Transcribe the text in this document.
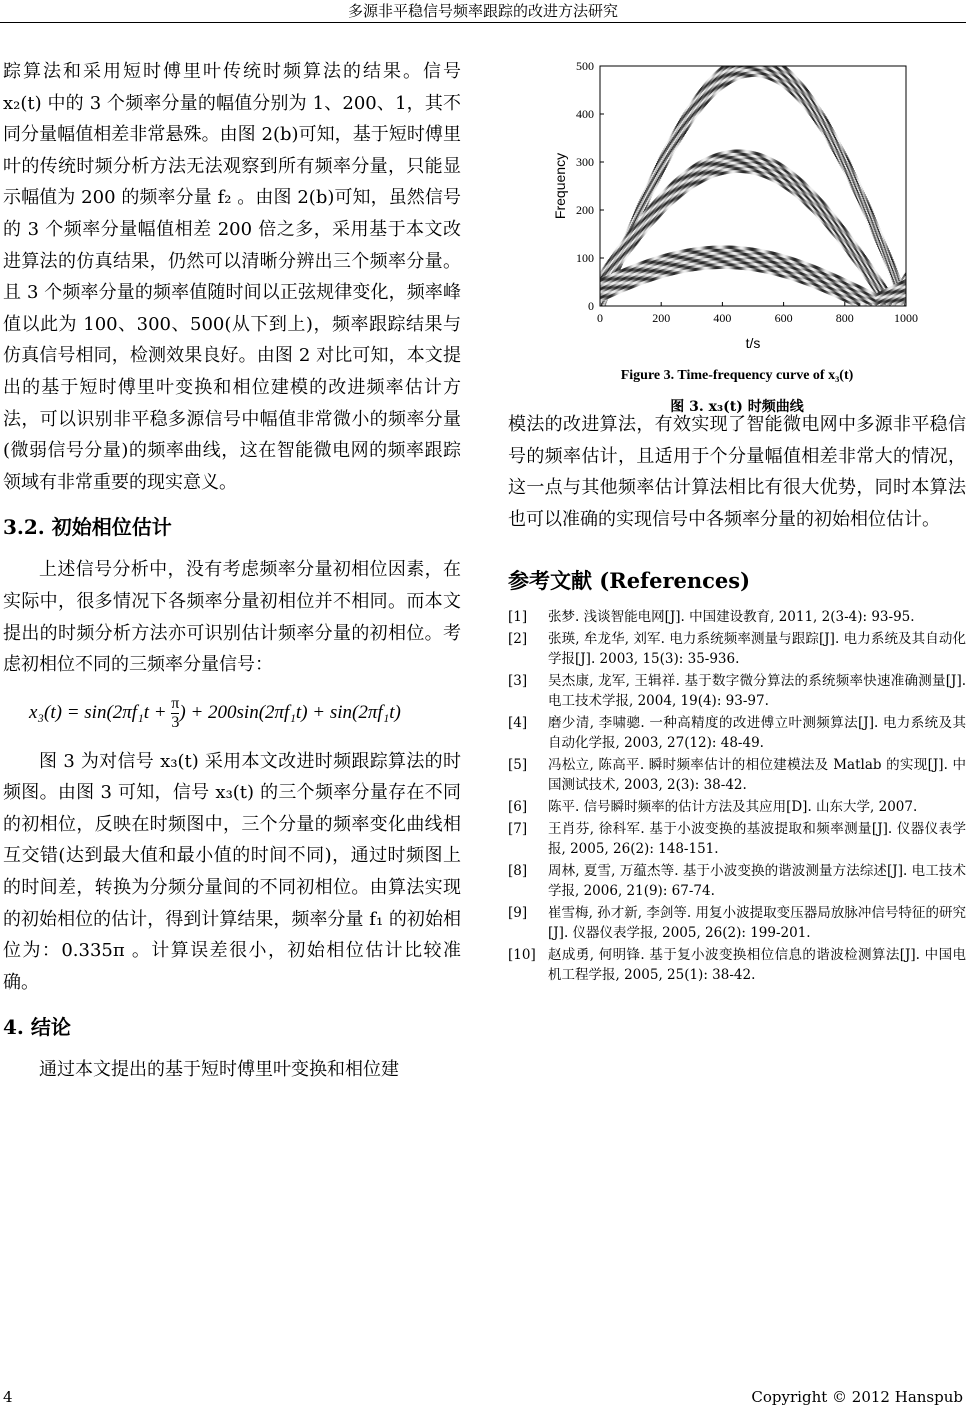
多源非平稳信号频率跟踪的改进方法研究

踪算法和采用短时傅里叶传统时频算法的结果。信号 x₂(t) 中的 3 个频率分量的幅值分别为 1、200、1，其不同分量幅值相差非常悬殊。由图 2(b)可知，基于短时傅里叶的传统时频分析方法无法观察到所有频率分量，只能显示幅值为 200 的频率分量 f₂ 。由图 2(b)可知，虽然信号的 3 个频率分量幅值相差 200 倍之多，采用基于本文改进算法的仿真结果，仍然可以清晰分辨出三个频率分量。且 3 个频率分量的频率值随时间以正弦规律变化，频率峰值以此为 100、300、500(从下到上)，频率跟踪结果与仿真信号相同，检测效果良好。由图 2 对比可知，本文提出的基于短时傅里叶变换和相位建模的改进频率估计方法，可以识别非平稳多源信号中幅值非常微小的频率分量(微弱信号分量)的频率曲线，这在智能微电网的频率跟踪领域有非常重要的现实意义。

3.2. 初始相位估计

上述信号分析中，没有考虑频率分量初相位因素，在实际中，很多情况下各频率分量初相位并不相同。而本文提出的时频分析方法亦可识别估计频率分量的初相位。考虑初相位不同的三频率分量信号：

$x_3(t) = \sin(2\pi f_1t + \frac{\pi}{3}$ ) + 200sin(2πf₁t) + sin(2πf₁t)

图 3 为对信号 x₃(t) 采用本文改进时频跟踪算法的时频图。由图 3 可知，信号 x₃(t) 的三个频率分量存在不同的初相位，反映在时频图中，三个分量的频率变化曲线相互交错(达到最大值和最小值的时间不同)，通过时频图上的时间差，转换为分频分量间的不同初相位。由算法实现的初始相位的估计，得到计算结果，频率分量 f₁ 的初始相位为：0.335π 。计算误差很小，初始相位估计比较准确。

4. 结论

通过本文提出的基于短时傅里叶变换和相位建

0	200	400	600	800	1000
0
100
200
300
400
500
t/s
Frequency

Figure 3. Time-frequency curve of x₃(t)

图 3. x₃(t) 时频曲线

模法的改进算法，有效实现了智能微电网中多源非平稳信号的频率估计，且适用于个分量幅值相差非常大的情况，这一点与其他频率估计算法相比有很大优势，同时本算法也可以准确的实现信号中各频率分量的初始相位估计。

参考文献 (References)

[1]	张梦. 浅谈智能电网[J]. 中国建设教育, 2011, 2(3-4): 93-95.
[2]	张瑛, 牟龙华, 刘军. 电力系统频率测量与跟踪[J]. 电力系统及其自动化学报[J]. 2003, 15(3): 35-936.
[3]	吴杰康, 龙军, 王辑祥. 基于数字微分算法的系统频率快速准确测量[J]. 电工技术学报, 2004, 19(4): 93-97.
[4]	磨少清, 李啸骢. 一种高精度的改进傅立叶测频算法[J]. 电力系统及其自动化学报, 2003, 27(12): 48-49.
[5]	冯松立, 陈高平. 瞬时频率估计的相位建模法及 Matlab 的实现[J]. 中国测试技术, 2003, 2(3): 38-42.
[6]	陈平. 信号瞬时频率的估计方法及其应用[D]. 山东大学, 2007.
[7]	王肖芬, 徐科军. 基于小波变换的基波提取和频率测量[J]. 仪器仪表学报, 2005, 26(2): 148-151.
[8]	周林, 夏雪, 万蕴杰等. 基于小波变换的谐波测量方法综述[J]. 电工技术学报, 2006, 21(9): 67-74.
[9]	崔雪梅, 孙才新, 李剑等. 用复小波提取变压器局放脉冲信号特征的研究[J]. 仪器仪表学报, 2005, 26(2): 199-201.
[10] 赵成勇, 何明锋. 基于复小波变换相位信息的谐波检测算法[J]. 中国电机工程学报, 2005, 25(1): 38-42.
4	Copyright © 2012 Hanspub
